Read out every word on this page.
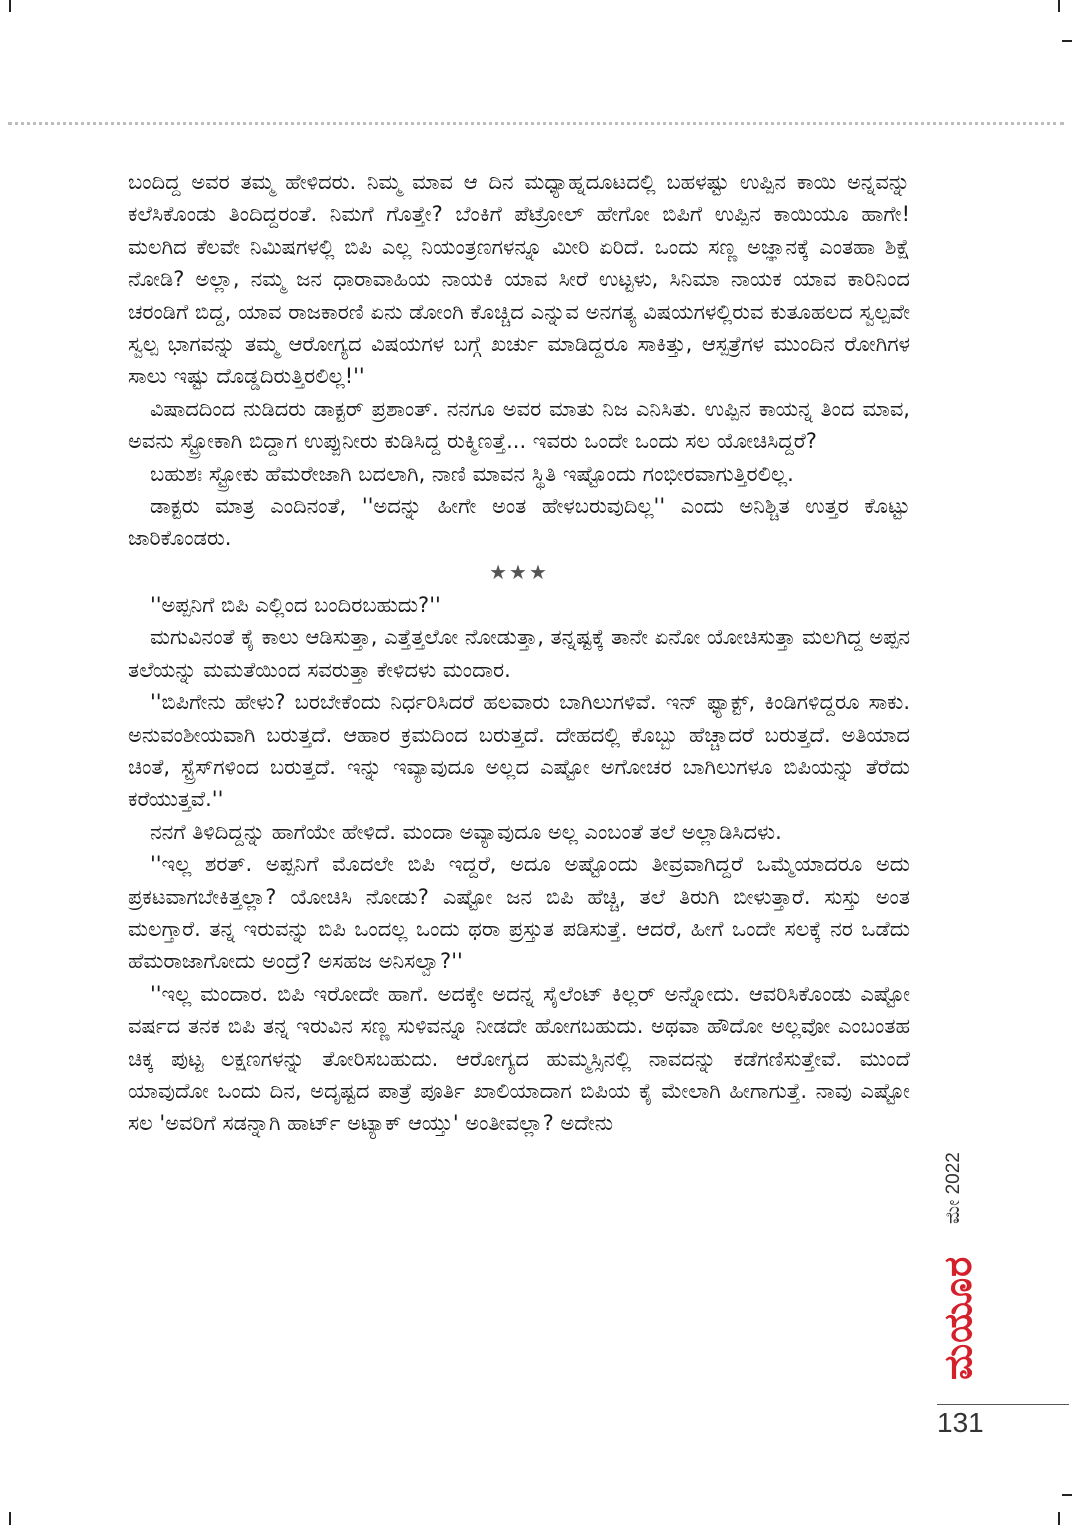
ಬಂದಿದ್ದ ಅವರ ತಮ್ಮ ಹೇಳಿದರು. ನಿಮ್ಮ ಮಾವ ಆ ದಿನ ಮಧ್ಯಾಹ್ನದೂಟದಲ್ಲಿ ಬಹಳಷ್ಟು ಉಪ್ಪಿನ ಕಾಯಿ ಅನ್ನವನ್ನು ಕಲೆಸಿಕೊಂಡು ತಿಂದಿದ್ದರಂತೆ. ನಿಮಗೆ ಗೊತ್ತೇ? ಬೆಂಕಿಗೆ ಪೆಟ್ರೋಲ್ ಹೇಗೋ ಬಿಪಿಗೆ ಉಪ್ಪಿನ ಕಾಯಿಯೂ ಹಾಗೇ! ಮಲಗಿದ ಕೆಲವೇ ನಿಮಿಷಗಳಲ್ಲಿ ಬಿಪಿ ಎಲ್ಲ ನಿಯಂತ್ರಣಗಳನ್ನೂ ಮೀರಿ ಏರಿದೆ. ಒಂದು ಸಣ್ಣ ಅಜ್ಞಾನಕ್ಕೆ ಎಂತಹಾ ಶಿಕ್ಷೆ ನೋಡಿ? ಅಲ್ಲಾ, ನಮ್ಮ ಜನ ಧಾರಾವಾಹಿಯ ನಾಯಕಿ ಯಾವ ಸೀರೆ ಉಟ್ಟಳು, ಸಿನಿಮಾ ನಾಯಕ ಯಾವ ಕಾರಿನಿಂದ ಚರಂಡಿಗೆ ಬಿದ್ದ, ಯಾವ ರಾಜಕಾರಣಿ ಏನು ಡೋಂಗಿ ಕೊಚ್ಚಿದ ಎನ್ನುವ ಅನಗತ್ಯ ವಿಷಯಗಳಲ್ಲಿರುವ ಕುತೂಹಲದ ಸ್ವಲ್ಪವೇ ಸ್ವಲ್ಪ ಭಾಗವನ್ನು ತಮ್ಮ ಆರೋಗ್ಯದ ವಿಷಯಗಳ ಬಗ್ಗೆ ಖರ್ಚು ಮಾಡಿದ್ದರೂ ಸಾಕಿತ್ತು, ಆಸ್ಪತ್ರೆಗಳ ಮುಂದಿನ ರೋಗಿಗಳ ಸಾಲು ಇಷ್ಟು ದೊಡ್ಡದಿರುತ್ತಿರಲಿಲ್ಲ!''

ವಿಷಾದದಿಂದ ನುಡಿದರು ಡಾಕ್ಟರ್ ಪ್ರಶಾಂತ್. ನನಗೂ ಅವರ ಮಾತು ನಿಜ ಎನಿಸಿತು. ಉಪ್ಪಿನ ಕಾಯನ್ನ ತಿಂದ ಮಾವ, ಅವನು ಸ್ಟ್ರೋಕಾಗಿ ಬಿದ್ದಾಗ ಉಪ್ಪುನೀರು ಕುಡಿಸಿದ್ದ ರುಕ್ಮಿಣತ್ತೆ... ಇವರು ಒಂದೇ ಒಂದು ಸಲ ಯೋಚಿಸಿದ್ದರೆ?

ಬಹುಶಃ ಸ್ಟ್ರೋಕು ಹೆಮರೇಜಾಗಿ ಬದಲಾಗಿ, ನಾಣಿ ಮಾವನ ಸ್ಥಿತಿ ಇಷ್ಟೊಂದು ಗಂಭೀರವಾಗುತ್ತಿರಲಿಲ್ಲ.

ಡಾಕ್ಟರು ಮಾತ್ರ ಎಂದಿನಂತೆ, ''ಅದನ್ನು ಹೀಗೇ ಅಂತ ಹೇಳಬರುವುದಿಲ್ಲ'' ಎಂದು ಅನಿಶ್ಚಿತ ಉತ್ತರ ಕೊಟ್ಟು ಜಾರಿಕೊಂಡರು.

★★★

''ಅಪ್ಪನಿಗೆ ಬಿಪಿ ಎಲ್ಲಿಂದ ಬಂದಿರಬಹುದು?''

ಮಗುವಿನಂತೆ ಕೈ ಕಾಲು ಆಡಿಸುತ್ತಾ, ಎತ್ತೆತ್ತಲೋ ನೋಡುತ್ತಾ, ತನ್ನಷ್ಟಕ್ಕೆ ತಾನೇ ಏನೋ ಯೋಚಿಸುತ್ತಾ ಮಲಗಿದ್ದ ಅಪ್ಪನ ತಲೆಯನ್ನು ಮಮತೆಯಿಂದ ಸವರುತ್ತಾ ಕೇಳಿದಳು ಮಂದಾರ.

''ಬಿಪಿಗೇನು ಹೇಳು? ಬರಬೇಕೆಂದು ನಿರ್ಧರಿಸಿದರೆ ಹಲವಾರು ಬಾಗಿಲುಗಳಿವೆ. ಇನ್ ಫ್ಯಾಕ್ಟ್, ಕಿಂಡಿಗಳಿದ್ದರೂ ಸಾಕು. ಅನುವಂಶೀಯವಾಗಿ ಬರುತ್ತದೆ. ಆಹಾರ ಕ್ರಮದಿಂದ ಬರುತ್ತದೆ. ದೇಹದಲ್ಲಿ ಕೊಬ್ಬು ಹೆಚ್ಚಾದರೆ ಬರುತ್ತದೆ. ಅತಿಯಾದ ಚಿಂತೆ, ಸ್ಟ್ರೆಸ್‌ಗಳಿಂದ ಬರುತ್ತದೆ. ಇನ್ನು ಇವ್ಯಾವುದೂ ಅಲ್ಲದ ಎಷ್ಟೋ ಅಗೋಚರ ಬಾಗಿಲುಗಳೂ ಬಿಪಿಯನ್ನು ತೆರೆದು ಕರೆಯುತ್ತವೆ.''

ನನಗೆ ತಿಳಿದಿದ್ದನ್ನು ಹಾಗೆಯೇ ಹೇಳಿದೆ. ಮಂದಾ ಅವ್ಯಾವುದೂ ಅಲ್ಲ ಎಂಬಂತೆ ತಲೆ ಅಲ್ಲಾಡಿಸಿದಳು.

''ಇಲ್ಲ ಶರತ್. ಅಪ್ಪನಿಗೆ ಮೊದಲೇ ಬಿಪಿ ಇದ್ದರೆ, ಅದೂ ಅಷ್ಟೊಂದು ತೀವ್ರವಾಗಿದ್ದರೆ ಒಮ್ಮೆಯಾದರೂ ಅದು ಪ್ರಕಟವಾಗಬೇಕಿತ್ತಲ್ಲಾ? ಯೋಚಿಸಿ ನೋಡು? ಎಷ್ಟೋ ಜನ ಬಿಪಿ ಹೆಚ್ಚಿ, ತಲೆ ತಿರುಗಿ ಬೀಳುತ್ತಾರೆ. ಸುಸ್ತು ಅಂತ ಮಲಗ್ತಾರೆ. ತನ್ನ ಇರುವನ್ನು ಬಿಪಿ ಒಂದಲ್ಲ ಒಂದು ಥರಾ ಪ್ರಸ್ತುತ ಪಡಿಸುತ್ತೆ. ಆದರೆ, ಹೀಗೆ ಒಂದೇ ಸಲಕ್ಕೆ ನರ ಒಡೆದು ಹೆಮರಾಜಾಗೋದು ಅಂದ್ರೆ? ಅಸಹಜ ಅನಿಸಲ್ವಾ?''

''ಇಲ್ಲ ಮಂದಾರ. ಬಿಪಿ ಇರೋದೇ ಹಾಗೆ. ಅದಕ್ಕೇ ಅದನ್ನ ಸೈಲೆಂಟ್ ಕಿಲ್ಲರ್ ಅನ್ನೋದು. ಆವರಿಸಿಕೊಂಡು ಎಷ್ಟೋ ವರ್ಷದ ತನಕ ಬಿಪಿ ತನ್ನ ಇರುವಿನ ಸಣ್ಣ ಸುಳಿವನ್ನೂ ನೀಡದೇ ಹೋಗಬಹುದು. ಅಥವಾ ಹೌದೋ ಅಲ್ಲವೋ ಎಂಬಂತಹ ಚಿಕ್ಕ ಪುಟ್ಟ ಲಕ್ಷಣಗಳನ್ನು ತೋರಿಸಬಹುದು. ಆರೋಗ್ಯದ ಹುಮ್ಮಸ್ಸಿನಲ್ಲಿ ನಾವದನ್ನು ಕಡೆಗಣಿಸುತ್ತೇವೆ. ಮುಂದೆ ಯಾವುದೋ ಒಂದು ದಿನ, ಅದೃಷ್ಟದ ಪಾತ್ರೆ ಪೂರ್ತಿ ಖಾಲಿಯಾದಾಗ ಬಿಪಿಯ ಕೈ ಮೇಲಾಗಿ ಹೀಗಾಗುತ್ತೆ. ನಾವು ಎಷ್ಟೋ ಸಲ 'ಅವರಿಗೆ ಸಡನ್ನಾಗಿ ಹಾರ್ಟ್ ಅಟ್ಯಾಕ್ ಆಯ್ತು' ಅಂತೀವಲ್ಲಾ? ಅದೇನು

ಮೇ 2022
ಮಯೂರ
131
